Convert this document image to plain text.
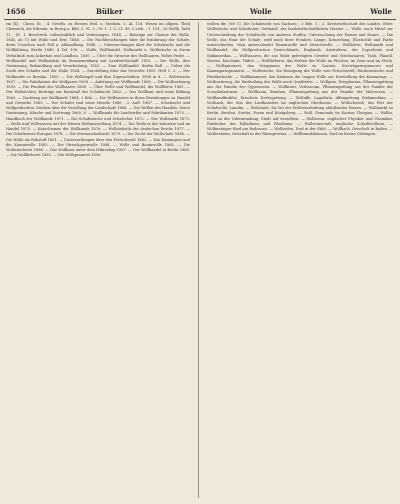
1656	Bülker	Wolle	Wolle

rin [4] : Chem. Ib. ; 4. Gesells. zu Hessen Heil. u. Medizin, 2. Al. 116. Wesen im allgem. Theil Chemisch, die Erkennt. in Bezug a. Bild. 2. 91. 5 ; Fr. 1. 1.-2. 21. 86. 2 Lieb. ; 1. 114 ; 26 Wollk. Tafel 11 ; 41. 1. Beschreib. rathschaftlich und Vorlesungen. 1844. — Beiträge zur Chemie der Wolle, 1845, ab 73 mit Wolle und Text, 1846. — Die Nachforschungen über die Ernährung der Schafe, ihren Ursachen nach Fall u. Abhandlung. 1848. — Untersuchungen über die Schafzucht und die Wollbildung, Berlin 1849, 4 Taf. 108. — Wolle, Wollhandel, Wollmarkt u. Wollwäsche in ihrem Verhältniß zum Ackerbau und Landbau. 1850. — Über die Structur des Wollhaares, Nebst Probe. — Wollhandel und Wollmärkte im Zusammenhang mit Landwirthschaft 1852. — Die Wolle, ihre Gewinnung, Behandlung und Verarbeitung. 1853. — Zum Wollhandel. Berlin Boll. — Ueber die Zucht des Schafes und der Wolle 1854. — Darstellung über das Gewerbe 1855. Heft 1. 2. — Der Wollmarkt zu Breslau. 1855. — Die Wollstapel und ihre Eigenschaften. 1856 in 8. — Wollwäsche 1857. — Die Fabrikation der Wollgarne 1858. — Anleitung zur Wollkunde 1858. — Die Wollsortirung 1859. — Die Feinheit des Wollhaares 1860. — Über Wolle und Wollhandel, die Wollbörse 1861. — Der Wollzüchter, Beiträge zur Kenntniß der Schafzucht 1862. — Das Wollhaar und seine Bildung 1863. — Nachtrag zur Wollkunde 1864, 2 Bde. — Die Wollwaaren in ihren Beziehungen zu Handel und Gewerbe 1865. — Der Schäfer und seine Heerde 1866 ; 2. Aufl. 1867. — Schafzucht und Wollproduction, Studien über die Veredlung der Landschafe 1868. — Die Wollen des Handels, deren Gewinnung, Wäsche und Sortirung 1869, 8. — Wollkunde für Landwirthe und Fabrikanten 1870. — Handbuch der Wollkunde 1871. — Die Schafwäsche und Schafschur 1872. — Der Wollmarkt 1873. — Wolle und Wollwaaren auf der Wiener Weltausstellung 1874. — Die Wolle in der Industrie und im Handel 1875. — Katechismus der Wollkunde 1876. — Wollstatistik des deutschen Reichs 1877. — Die Schafrassen Europas 1878. — Die Merinoschafzucht 1879. — Die Zucht der Wollschafe 1880. — Die Wolle als Rohstoff 1881. — Untersuchungen über den Fettschweiß 1882. — Das Kammgarn und die Kammwolle 1883. — Die Streichgarnwolle 1884. — Wolle und Baumwolle 1885. — Die Wollwäscherei 1886. — Das Wollhaar unter dem Mikroskop 1887. — Der Wollhandel in Berlin 1888. — Die Wollfärberei 1889. — Die Wollspinnerei 1890.

wollen die. [69 1]. Die Schafzucht von Sachsen ; 3 Bde. 1 ; 2. Kreiswirthschaft des Landes, Beitr. Wollwäsche und Schafschur, Verhandl. der landwirthschaftlichen Vereine. — Wolle, auch Mittel zur Unterscheidung der Schafwolle von anderen Stoffen, Untersuchung der Fasern und Haare. — Die Wolle, das Haar der Schafe, wird nach ihrer Feinheit, Länge, Kräuselung, Elasticität und Farbe unterschieden. Man unterscheidet Kammwolle und Streichwolle. — Wollbörse, Wollmarkt und Wollhandel; die Wollproduction Deutschlands, Englands, Australiens, der Capcolonie und Südamerikas. — Wollwaaren, die aus Wolle gefertigten Gewebe und Strickwaaren; Tuch, Flanell, Merino, Kaschmir, Thibet. — Wollfärberei, das Färben der Wolle im Flocken, im Garn und im Stück. — Wollspinnerei, das Verspinnen der Wolle zu Garnen; Streichgarnspinnerei und Kammgarnspinnerei. — Wollwäsche, die Reinigung der Wolle vom Fettschweiß; Rückenwäsche und Fabrikwäsche. — Wollkämmerei, das Kämmen der langen Wolle zur Herstellung des Kammzugs. — Wollsortirung, die Eintheilung der Wolle nach Qualitäten. — Wollgras, Eriophorum, Pflanzengattung aus der Familie der Cyperaceen. — Wollkraut, Verbascum, Pflanzengattung aus der Familie der Scrophularineen. — Wollbaum, Bombax, Pflanzengattung aus der Familie der Malvaceen. — Wollhandkrabbe, Eriocheir, Krebsgattung. — Wollaffe, Lagothrix, Affengattung Südamerikas. — Wollsack, der Sitz des Lordkanzlers im englischen Oberhause. — Wollschweiß, das Fett der Schafwolle, Lanolin. — Wollstaub, die bei der Wollverarbeitung abfallenden Fasern. — Wollmarkt zu Berlin, Breslau, Stettin, Posen und Königsberg. — Woll, Gemeinde im Kanton Thurgau. — Wollin, Insel an der Odermündung, Stadt auf derselben. — Wollaston, englischer Physiker und Chemiker, Entdecker des Palladiums und Rhodiums. — Wollstonecraft, englische Schriftstellerin. — Wollmatinger Ried am Bodensee. — Wollseifen, Dorf in der Eifel. — Wollbach, Ortschaft in Baden. — Wollersheim, Ortschaft in der Rheinprovinz. — Wollbrandshausen, Dorf im Kreise Göttingen.
